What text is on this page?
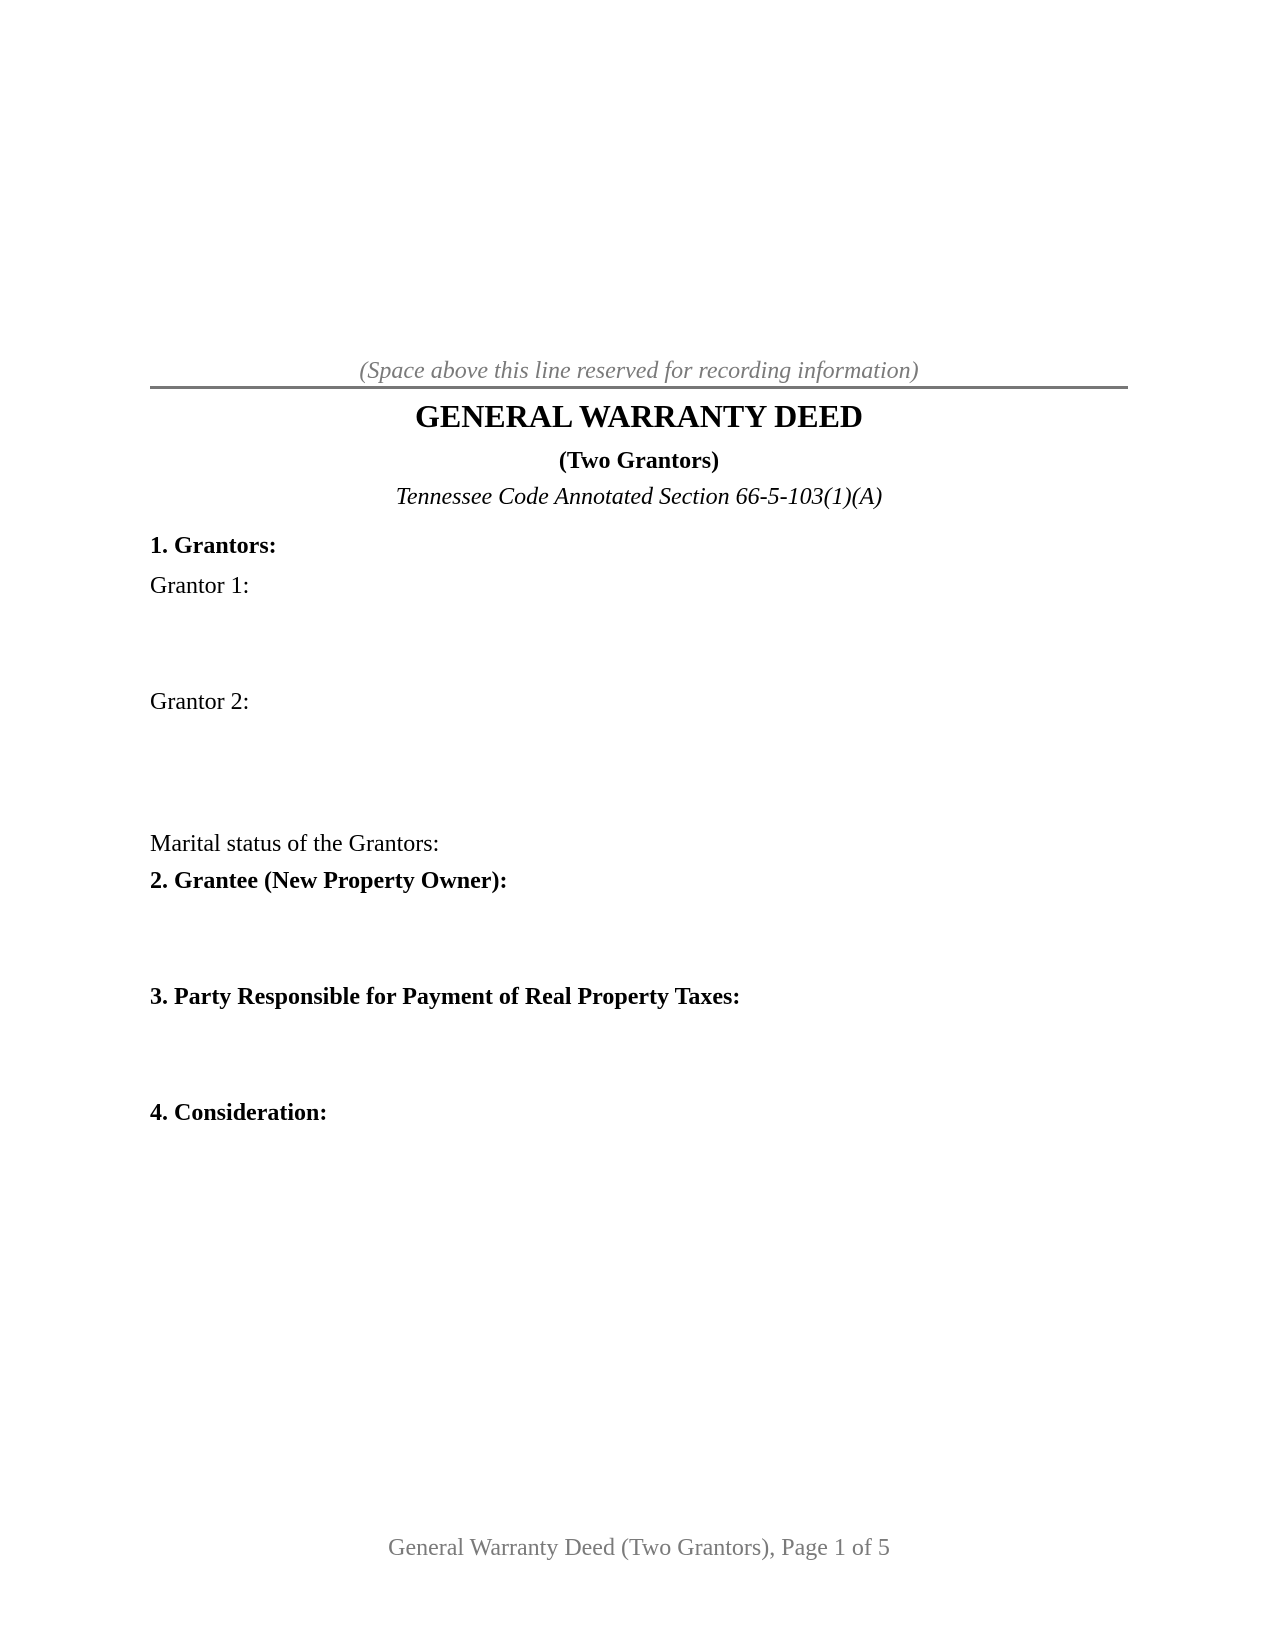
(Space above this line reserved for recording information)
GENERAL WARRANTY DEED
(Two Grantors)
Tennessee Code Annotated Section 66-5-103(1)(A)
1. Grantors:
Grantor 1:
Grantor 2:
Marital status of the Grantors:
2. Grantee (New Property Owner):
3. Party Responsible for Payment of Real Property Taxes:
4. Consideration:
General Warranty Deed (Two Grantors), Page 1 of 5
